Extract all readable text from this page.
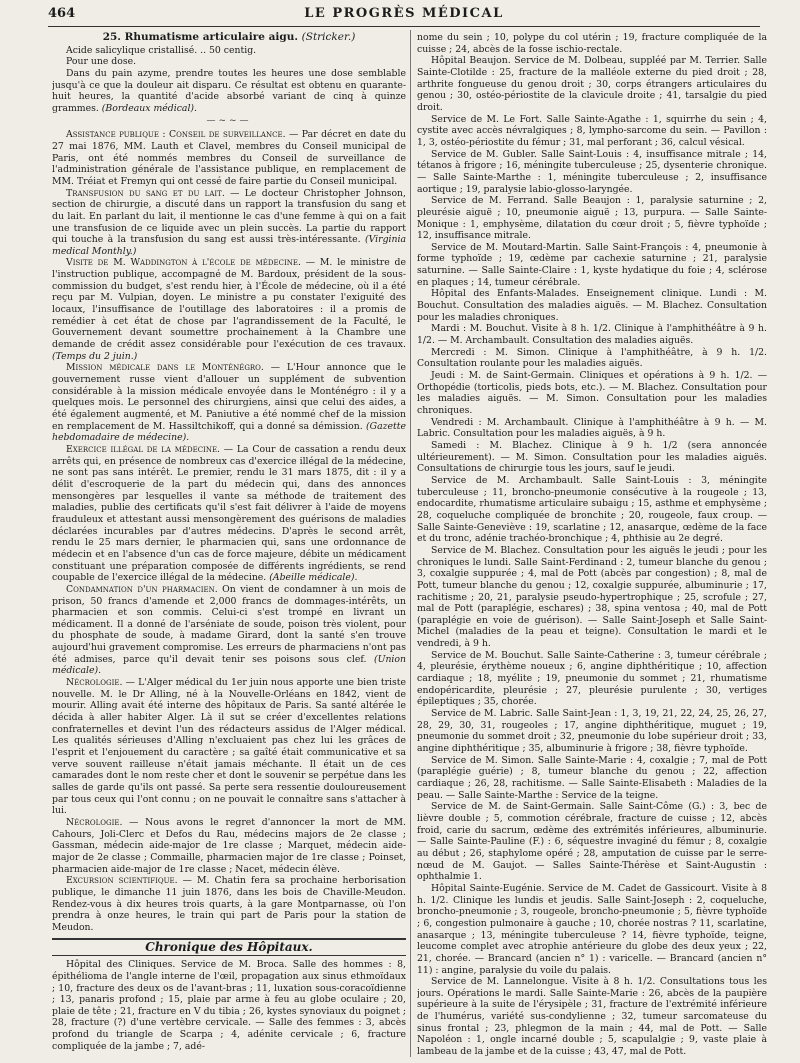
464	LE PROGRÈS MÉDICAL
25. Rhumatisme articulaire aigu. (Stricker.)

Acide salicylique cristallisé. .. 50 centig.

Pour une dose.

Dans du pain azyme, prendre toutes les heures une dose semblable jusqu'à ce que la douleur ait disparu. Ce résultat est obtenu en quarante-huit heures, la quantité d'acide absorbé variant de cinq à quinze grammes. (Bordeaux médical).

—~~—

Assistance publique : Conseil de surveillance. — Par décret en date du 27 mai 1876, MM. Lauth et Clavel, membres du Conseil municipal de Paris, ont été nommés membres du Conseil de surveillance de l'administration générale de l'assistance publique, en remplacement de MM. Tréiat et Fremyn qui ont cessé de faire partie du Conseil municipal.

Transfusion du sang et du lait. — Le docteur Christopher Johnson, section de chirurgie, a discuté dans un rapport la transfusion du sang et du lait. En parlant du lait, il mentionne le cas d'une femme à qui on a fait une transfusion de ce liquide avec un plein succès. La partie du rapport qui touche à la transfusion du sang est aussi très-intéressante. (Virginia medical Monthly.)

Visite de M. Waddington à l'école de médecine. — M. le ministre de l'instruction publique, accompagné de M. Bardoux, président de la sous-commission du budget, s'est rendu hier, à l'École de médecine, où il a été reçu par M. Vulpian, doyen. Le ministre a pu constater l'exiguité des locaux, l'insuffisance de l'outillage des laboratoires : il a promis de remédier à cet état de chose par l'agrandissement de la Faculté, le Gouvernement devant soumettre prochainement à la Chambre une demande de crédit assez considérable pour l'exécution de ces travaux. (Temps du 2 juin.)

Mission médicale dans le Monténégro. — L'Hour annonce que le gouvernement russe vient d'allouer un supplément de subvention considérable à la mission médicale envoyée dans le Monténégro : il y a quelques mois. Le personnel des chirurgiens, ainsi que celui des aides, a été également augmenté, et M. Paniutive a été nommé chef de la mission en remplacement de M. Hassiltchikoff, qui a donné sa démission. (Gazette hebdomadaire de médecine).

Exercice illégal de la médecine. — La Cour de cassation a rendu deux arrêts qui, en présence de nombreux cas d'exercice illégal de la médecine, ne sont pas sans intérêt. Le premier, rendu le 31 mars 1875, dit : il y a délit d'escroquerie de la part du médecin qui, dans des annonces mensongères par lesquelles il vante sa méthode de traitement des maladies, publie des certificats qu'il s'est fait délivrer à l'aide de moyens frauduleux et attestant aussi mensongèrement des guérisons de maladies déclarées incurables par d'autres médecins. D'après le second arrêt, rendu le 25 mars dernier, le pharmacien qui, sans une ordonnance de médecin et en l'absence d'un cas de force majeure, débite un médicament constituant une préparation composée de différents ingrédients, se rend coupable de l'exercice illégal de la médecine. (Abeille médicale).

Condamnation d'un pharmacien. On vient de condamner à un mois de prison, 50 francs d'amende et 2,000 francs de dommages-intérêts, un pharmacien et son commis. Celui-ci s'est trompé en livrant un médicament. Il a donné de l'arséniate de soude, poison très violent, pour du phosphate de soude, à madame Girard, dont la santé s'en trouve aujourd'hui gravement compromise. Les erreurs de pharmaciens n'ont pas été admises, parce qu'il devait tenir ses poisons sous clef. (Union médicale).

Nécrologie. — L'Alger médical du 1er juin nous apporte une bien triste nouvelle. M. le Dr Alling, né à la Nouvelle-Orléans en 1842, vient de mourir. Alling avait été interne des hôpitaux de Paris. Sa santé altérée le décida à aller habiter Alger. Là il sut se créer d'excellentes relations confraternelles et devint l'un des rédacteurs assidus de l'Alger médical. Les qualités sérieuses d'Alling n'excluaient pas chez lui les grâces de l'esprit et l'enjouement du caractère ; sa gaîté était communicative et sa verve souvent railleuse n'était jamais méchante. Il était un de ces camarades dont le nom reste cher et dont le souvenir se perpétue dans les salles de garde qu'ils ont passé. Sa perte sera ressentie douloureusement par tous ceux qui l'ont connu ; on ne pouvait le connaître sans s'attacher à lui.

Nécrologie. — Nous avons le regret d'annoncer la mort de MM. Cahours, Joli-Clerc et Defos du Rau, médecins majors de 2e classe ; Gassman, médecin aide-major de 1re classe ; Marquet, médecin aide-major de 2e classe ; Commaille, pharmacien major de 1re classe ; Poinset, pharmacien aide-major de 1re classe ; Nacet, médecin élève.

Excursion scientifique. — M. Chatin fera sa prochaine herborisation publique, le dimanche 11 juin 1876, dans les bois de Chaville-Meudon. Rendez-vous à dix heures trois quarts, à la gare Montparnasse, où l'on prendra à onze heures, le train qui part de Paris pour la station de Meudon.

Chronique des Hôpitaux.

Hôpital des Cliniques. Service de M. Broca. Salle des hommes : 8, épithélioma de l'angle interne de l'œil, propagation aux sinus ethmoïdaux ; 10, fracture des deux os de l'avant-bras ; 11, luxation sous-coracoïdienne ; 13, panaris profond ; 15, plaie par arme à feu au globe oculaire ; 20, plaie de tête ; 21, fracture en V du tibia ; 26, kystes synoviaux du poignet ; 28, fracture (?) d'une vertèbre cervicale. — Salle des femmes : 3, abcès profond du triangle de Scarpa ; 4, adénite cervicale ; 6, fracture compliquée de la jambe ; 7, adé-

nome du sein ; 10, polype du col utérin ; 19, fracture compliquée de la cuisse ; 24, abcès de la fosse ischio-rectale.

Hôpital Beaujon. Service de M. Dolbeau, suppléé par M. Terrier. Salle Sainte-Clotilde : 25, fracture de la malléole externe du pied droit ; 28, arthrite fongueuse du genou droit ; 30, corps étrangers articulaires du genou ; 30, ostéo-périostite de la clavicule droite ; 41, tarsalgie du pied droit.

Service de M. Le Fort. Salle Sainte-Agathe : 1, squirrhe du sein ; 4, cystite avec accès névralgiques ; 8, lympho-sarcome du sein. — Pavillon : 1, 3, ostéo-périostite du fémur ; 31, mal perforant ; 36, calcul vésical.

Service de M. Gubler. Salle Saint-Louis : 4, insuffisance mitrale ; 14, tétanos à frigore ; 16, méningite tuberculeuse ; 25, dysenterie chronique. — Salle Sainte-Marthe : 1, méningite tuberculeuse ; 2, insuffisance aortique ; 19, paralysie labio-glosso-laryngée.

Service de M. Ferrand. Salle Beaujon : 1, paralysie saturnine ; 2, pleurésie aiguë ; 10, pneumonie aiguë ; 13, purpura. — Salle Sainte-Monique : 1, emphysème, dilatation du cœur droit ; 5, fièvre typhoïde ; 12, insuffisance mitrale.

Service de M. Moutard-Martin. Salle Saint-François : 4, pneumonie à forme typhoïde ; 19, œdème par cachexie saturnine ; 21, paralysie saturnine. — Salle Sainte-Claire : 1, kyste hydatique du foie ; 4, sclérose en plaques ; 14, tumeur cérébrale.

Hôpital des Enfants-Malades. Enseignement clinique. Lundi : M. Bouchut. Consultation des maladies aiguës. — M. Blachez. Consultation pour les maladies chroniques.

Mardi : M. Bouchut. Visite à 8 h. 1/2. Clinique à l'amphithéâtre à 9 h. 1/2. — M. Archambault. Consultation des maladies aiguës.

Mercredi : M. Simon. Clinique à l'amphithéâtre, à 9 h. 1/2. Consultation roulante pour les maladies aiguës.

Jeudi : M. de Saint-Germain. Cliniques et opérations à 9 h. 1/2. — Orthopédie (torticolis, pieds bots, etc.). — M. Blachez. Consultation pour les maladies aiguës. — M. Simon. Consultation pour les maladies chroniques.

Vendredi : M. Archambault. Clinique à l'amphithéâtre à 9 h. — M. Labric. Consultation pour les maladies aiguës, à 9 h.

Samedi : M. Blachez. Clinique à 9 h. 1/2 (sera annoncée ultérieurement). — M. Simon. Consultation pour les maladies aiguës. Consultations de chirurgie tous les jours, sauf le jeudi.

Service de M. Archambault. Salle Saint-Louis : 3, méningite tuberculeuse ; 11, broncho-pneumonie consécutive à la rougeole ; 13, endocardite, rhumatisme articulaire subaigu ; 15, asthme et emphysème ; 28, coqueluche compliquée de bronchite ; 20, rougeole, faux croup. — Salle Sainte-Geneviève : 19, scarlatine ; 12, anasarque, œdème de la face et du tronc, adénie trachéo-bronchique ; 4, phthisie au 2e degré.

Service de M. Blachez. Consultation pour les aiguës le jeudi ; pour les chroniques le lundi. Salle Saint-Ferdinand : 2, tumeur blanche du genou ; 3, coxalgie suppurée ; 4, mal de Pott (abcès par congestion) ; 8, mal de Pott, tumeur blanche du genou ; 12, coxalgie suppurée, albuminurie ; 17, rachitisme ; 20, 21, paralysie pseudo-hypertrophique ; 25, scrofule ; 27, mal de Pott (paraplégie, eschares) ; 38, spina ventosa ; 40, mal de Pott (paraplégie en voie de guérison). — Salle Saint-Joseph et Salle Saint-Michel (maladies de la peau et teigne). Consultation le mardi et le vendredi, à 9 h.

Service de M. Bouchut. Salle Sainte-Catherine : 3, tumeur cérébrale ; 4, pleurésie, érythème noueux ; 6, angine diphthéritique ; 10, affection cardiaque ; 18, myélite ; 19, pneumonie du sommet ; 21, rhumatisme endopéricardite, pleurésie ; 27, pleurésie purulente ; 30, vertiges épileptiques ; 35, chorée.

Service de M. Labric. Salle Saint-Jean : 1, 3, 19, 21, 22, 24, 25, 26, 27, 28, 29, 30, 31, rougeoles ; 17, angine diphthéritique, muguet ; 19, pneumonie du sommet droit ; 32, pneumonie du lobe supérieur droit ; 33, angine diphthéritique ; 35, albuminurie à frigore ; 38, fièvre typhoïde.

Service de M. Simon. Salle Sainte-Marie : 4, coxalgie ; 7, mal de Pott (paraplégie guérie) ; 8, tumeur blanche du genou ; 22, affection cardiaque ; 26, 28, rachitisme. — Salle Sainte-Elisabeth : Maladies de la peau. — Salle Sainte-Marthe : Service de la teigne.

Service de M. de Saint-Germain. Salle Saint-Côme (G.) : 3, bec de lièvre double ; 5, commotion cérébrale, fracture de cuisse ; 12, abcès froid, carie du sacrum, œdème des extrémités inférieures, albuminurie. — Salle Sainte-Pauline (F.) : 6, séquestre invaginé du fémur ; 8, coxalgie au début ; 26, staphylome opéré ; 28, amputation de cuisse par le serre-nœud de M. Gaujot. — Salles Sainte-Thérèse et Saint-Augustin : ophthalmie 1.

Hôpital Sainte-Eugénie. Service de M. Cadet de Gassicourt. Visite à 8 h. 1/2. Clinique les lundis et jeudis. Salle Saint-Joseph : 2, coqueluche, broncho-pneumonie ; 3, rougeole, broncho-pneumonie ; 5, fièvre typhoïde ; 6, congestion pulmonaire à gauche ; 10, chorée nostras ? 11, scarlatine, anasarque ; 13, méningite tuberculeuse ? 14, fièvre typhoïde, teigne, leucome complet avec atrophie antérieure du globe des deux yeux ; 22, 21, chorée. — Brancard (ancien n° 1) : varicelle. — Brancard (ancien n° 11) : angine, paralysie du voile du palais.

Service de M. Lannelongue. Visite à 8 h. 1/2. Consultations tous les jours. Opérations le mardi. Salle Sainte-Marie : 26, abcès de la paupière supérieure à la suite de l'érysipèle ; 31, fracture de l'extrémité inférieure de l'humérus, variété sus-condylienne ; 32, tumeur sarcomateuse du sinus frontal ; 23, phlegmon de la main ; 44, mal de Pott. — Salle Napoléon : 1, ongle incarné double ; 5, scapulalgie ; 9, vaste plaie à lambeau de la jambe et de la cuisse ; 43, 47, mal de Pott.
